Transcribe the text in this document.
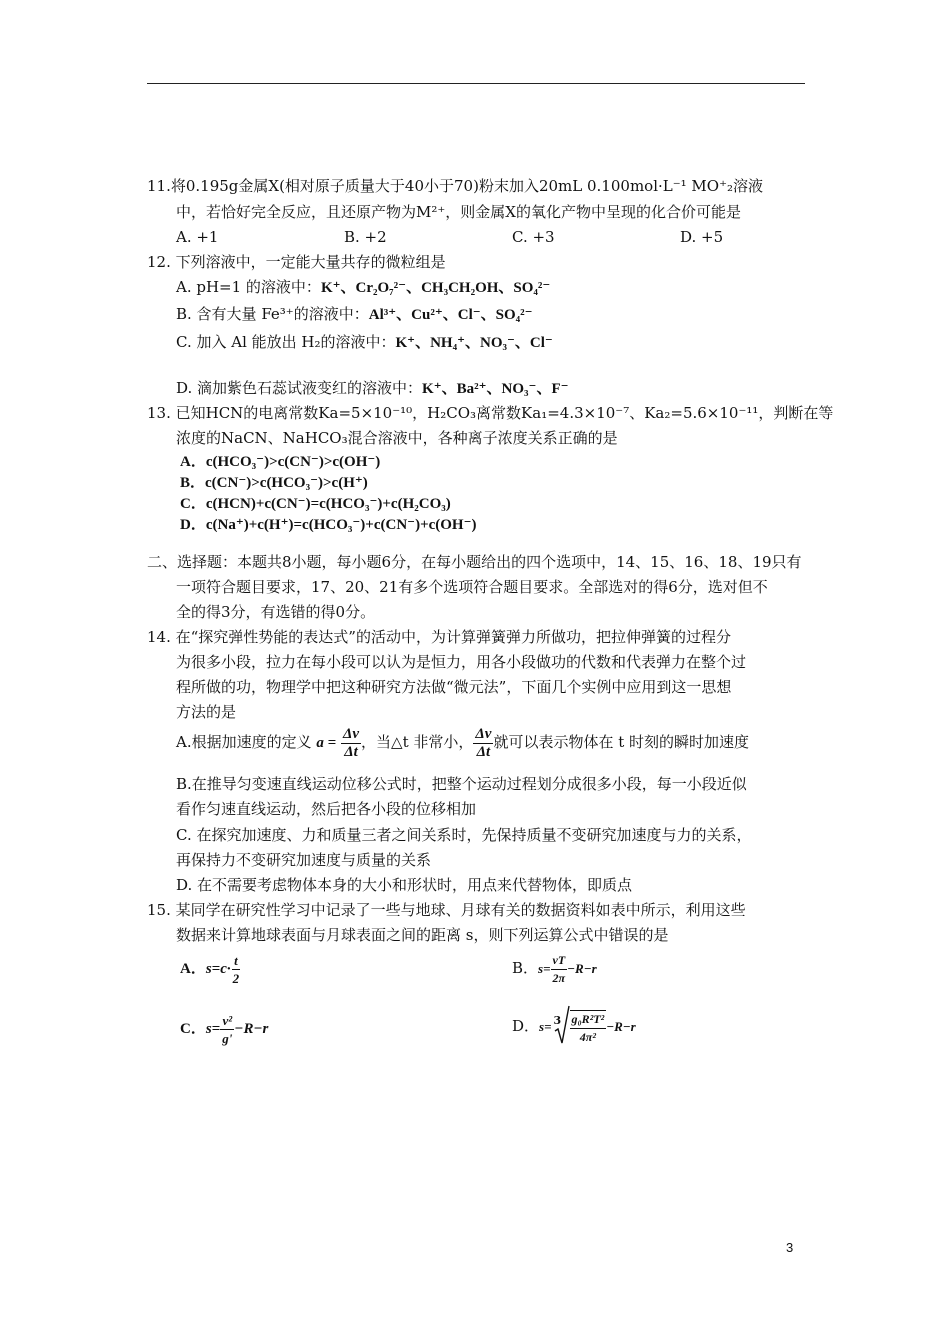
11.将0.195g金属X(相对原子质量大于40小于70)粉末加入20mL 0.100mol·L⁻¹ MO⁺₂溶液
中，若恰好完全反应，且还原产物为M²⁺，则金属X的氧化产物中呈现的化合价可能是
A. +1	B. +2	C. +3	D. +5
12. 下列溶液中，一定能大量共存的微粒组是
A. pH=1 的溶液中：K⁺、Cr₂O₇²⁻、CH₃CH₂OH、SO₄²⁻
B. 含有大量 Fe³⁺的溶液中：Al³⁺、Cu²⁺、Cl⁻、SO₄²⁻
C. 加入 Al 能放出 H₂的溶液中：K⁺、NH₄⁺、NO₃⁻、Cl⁻
D. 滴加紫色石蕊试液变红的溶液中：K⁺、Ba²⁺、NO₃⁻、F⁻
13. 已知HCN的电离常数Ka=5×10⁻¹⁰，H₂CO₃离常数Ka₁=4.3×10⁻⁷、Ka₂=5.6×10⁻¹¹，判断在等
浓度的NaCN、NaHCO₃混合溶液中，各种离子浓度关系正确的是
A．c(HCO₃⁻)>c(CN⁻)>c(OH⁻)
B．c(CN⁻)>c(HCO₃⁻)>c(H⁺)
C．c(HCN)+c(CN⁻)=c(HCO₃⁻)+c(H₂CO₃)
D．c(Na⁺)+c(H⁺)=c(HCO₃⁻)+c(CN⁻)+c(OH⁻)
二、选择题：本题共8小题，每小题6分，在每小题给出的四个选项中，14、15、16、18、19只有
一项符合题目要求，17、20、21有多个选项符合题目要求。全部选对的得6分，选对但不
全的得3分，有选错的得0分。
14. 在“探究弹性势能的表达式”的活动中，为计算弹簧弹力所做功，把拉伸弹簧的过程分
为很多小段，拉力在每小段可以认为是恒力，用各小段做功的代数和代表弹力在整个过
程所做的功，物理学中把这种研究方法做“微元法”，下面几个实例中应用到这一思想
方法的是
A.根据加速度的定义 $a = \frac{\Delta v}{\Delta t}$ ，当△t 非常小， $\frac{\Delta v}{\Delta t}$ 就可以表示物体在 t 时刻的瞬时加速度
B.在推导匀变速直线运动位移公式时，把整个运动过程划分成很多小段，每一小段近似
看作匀速直线运动，然后把各小段的位移相加
C. 在探究加速度、力和质量三者之间关系时，先保持质量不变研究加速度与力的关系，
再保持力不变研究加速度与质量的关系
D. 在不需要考虑物体本身的大小和形状时，用点来代替物体，即质点
15. 某同学在研究性学习中记录了一些与地球、月球有关的数据资料如表中所示，利用这些
数据来计算地球表面与月球表面之间的距离 s，则下列运算公式中错误的是
A．$s=c\cdot \frac{t}{2}$	B．$s= \frac{vT}{2\pi} -R-r$
C．$s= \frac{\text{v²}}{g'} -R-r$	D．$s= 3 \frac{\text{g₀R²T²}}{\text{4π²}} -R-r$
3
